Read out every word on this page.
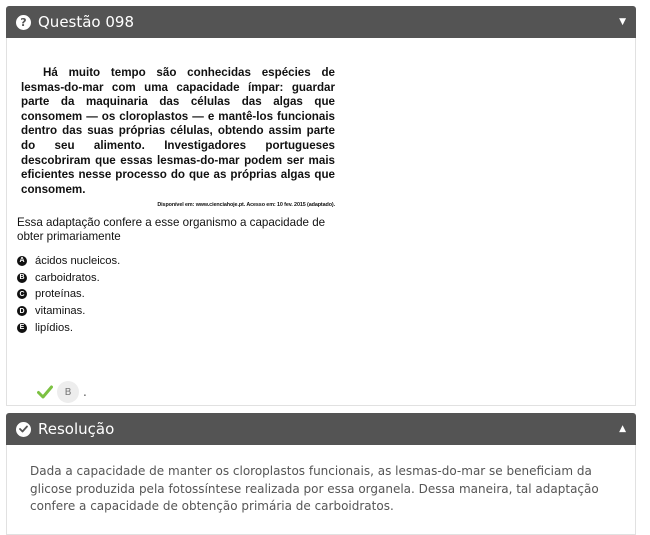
? Questão 098	▼

Há muito tempo são conhecidas espécies de lesmas-do-mar com uma capacidade ímpar: guardar parte da maquinaria das células das algas que consomem — os cloroplastos — e mantê-los funcionais dentro das suas próprias células, obtendo assim parte do seu alimento. Investigadores portugueses descobriram que essas lesmas-do-mar podem ser mais eficientes nesse processo do que as próprias algas que consomem.

Disponível em: www.cienciahoje.pt. Acesso em: 10 fev. 2015 (adaptado).
Essa adaptação confere a esse organismo a capacidade de obter primariamente
A ácidos nucleicos.
B carboidratos.
C proteínas.
D vitaminas.
E lipídios.
B .
Resolução	▲
Dada a capacidade de manter os cloroplastos funcionais, as lesmas-do-mar se beneficiam da glicose produzida pela fotossíntese realizada por essa organela. Dessa maneira, tal adaptação confere a capacidade de obtenção primária de carboidratos.
